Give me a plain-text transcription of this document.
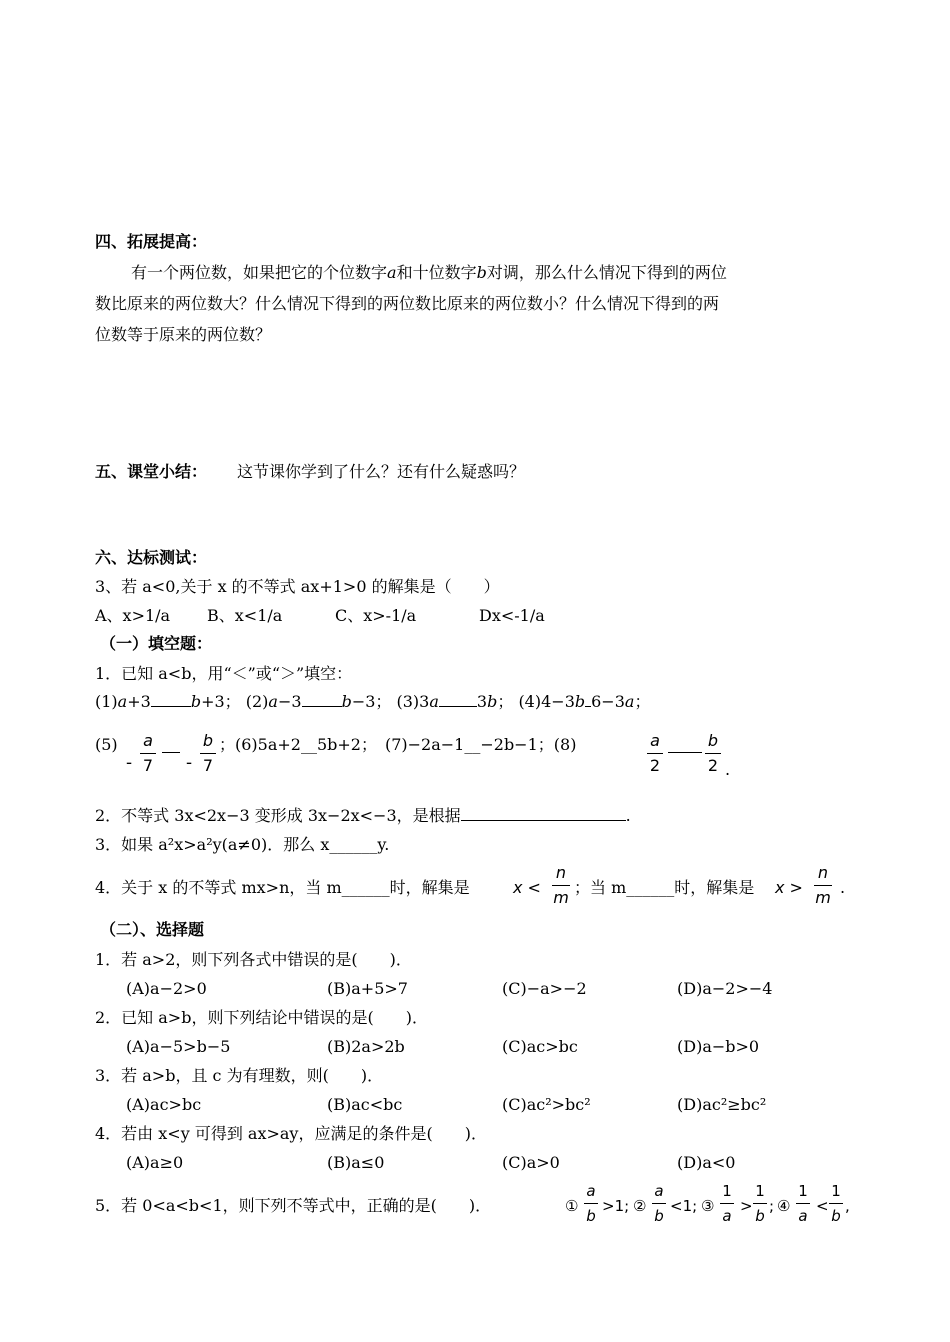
四、拓展提高：
有一个两位数，如果把它的个位数字a和十位数字b对调，那么什么情况下得到的两位
数比原来的两位数大？什么情况下得到的两位数比原来的两位数小？什么情况下得到的两
位数等于原来的两位数？
五、课堂小结： 这节课你学到了什么？还有什么疑惑吗？
六、达标测试：
3、若 a<0,关于 x 的不等式 ax+1>0 的解集是（　　）
A、x>1/a B、x<1/a	C、x>-1/a	Dx<-1/a
（一）填空题：
1．已知 a<b，用“＜”或“＞”填空：
(1)a+3	b+3； (2)a−3	b−3； (3)3a 3b； (4)4−3b 6−3a；
(5)
-
a
7 -
b
7
；(6)5a+2__5b+2；　(7)−2a−1__−2b−1；(8)	a
2
b
2 .
2．不等式 3x<2x−3 变形成 3x−2x<−3，是根据	.
3．如果 a²x>a²y(a≠0)．那么 x______y.
4．关于 x 的不等式 mx>n，当 m______时，解集是	x <
n
m
；当 m______时，解集是 x >
n
m
.
（二）、选择题
1．若 a>2，则下列各式中错误的是(　　)．
(A)a−2>0	(B)a+5>7	(C)−a>−2	(D)a−2>−4
2．已知 a>b，则下列结论中错误的是(　　)．
(A)a−5>b−5	(B)2a>2b	(C)ac>bc	(D)a−b>0
3．若 a>b，且 c 为有理数，则(　　)．
(A)ac>bc	(B)ac<bc	(C)ac²>bc²	(D)ac²≥bc²
4．若由 x<y 可得到 ax>ay，应满足的条件是(　　)．
(A)a≥0	(B)a≤0	(C)a>0	(D)a<0
5．若 0<a<b<1，则下列不等式中，正确的是(　　)．	①
a
b
>1; ②
a
b
<1; ③
1
a
>
1
b
; ④
1
a
<
1
b
,
